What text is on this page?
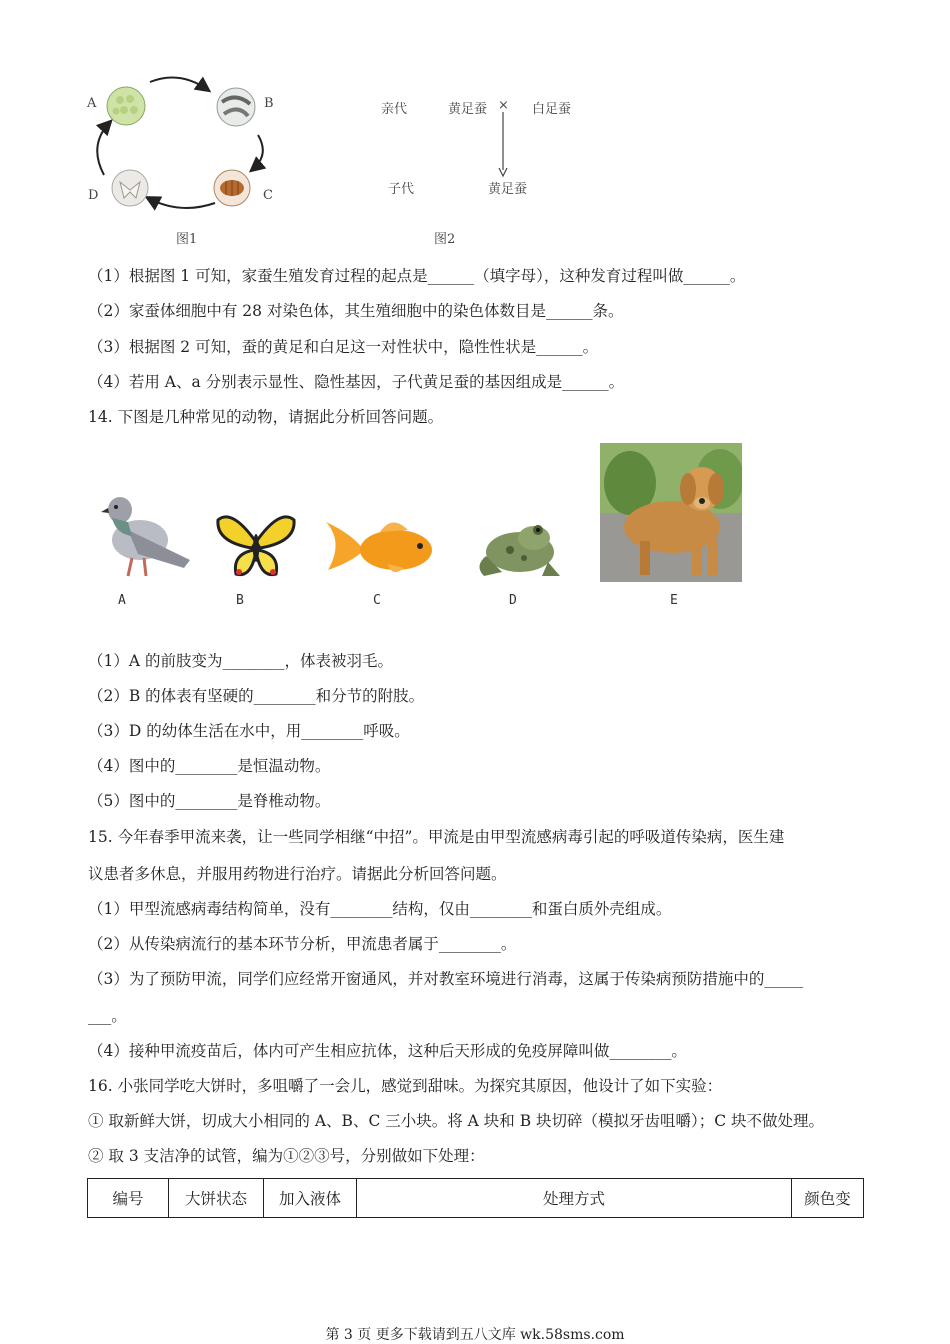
A	B
C
D
图1
亲代	黄足蚕 × 白足蚕
子代	黄足蚕
图2
（1）根据图 1 可知，家蚕生殖发育过程的起点是______（填字母），这种发育过程叫做______。
（2）家蚕体细胞中有 28 对染色体，其生殖细胞中的染色体数目是______条。
（3）根据图 2 可知，蚕的黄足和白足这一对性状中，隐性性状是______。
（4）若用 A、a 分别表示显性、隐性基因，子代黄足蚕的基因组成是______。
14. 下图是几种常见的动物，请据此分析回答问题。
A	B	C	D	E
（1）A 的前肢变为________，体表被羽毛。
（2）B 的体表有坚硬的________和分节的附肢。
（3）D 的幼体生活在水中，用________呼吸。
（4）图中的________是恒温动物。
（5）图中的________是脊椎动物。
15. 今年春季甲流来袭，让一些同学相继“中招”。甲流是由甲型流感病毒引起的呼吸道传染病，医生建
议患者多休息，并服用药物进行治疗。请据此分析回答问题。
（1）甲型流感病毒结构简单，没有________结构，仅由________和蛋白质外壳组成。
（2）从传染病流行的基本环节分析，甲流患者属于________。
（3）为了预防甲流，同学们应经常开窗通风，并对教室环境进行消毒，这属于传染病预防措施中的_____
___。
（4）接种甲流疫苗后，体内可产生相应抗体，这种后天形成的免疫屏障叫做________。
16. 小张同学吃大饼时，多咀嚼了一会儿，感觉到甜味。为探究其原因，他设计了如下实验：
① 取新鲜大饼，切成大小相同的 A、B、C 三小块。将 A 块和 B 块切碎（模拟牙齿咀嚼）；C 块不做处理。
② 取 3 支洁净的试管，编为①②③号，分别做如下处理：
编号	大饼状态	加入液体	处理方式	颜色变
第 3 页 更多下载请到五八文库 wk.58sms.com
